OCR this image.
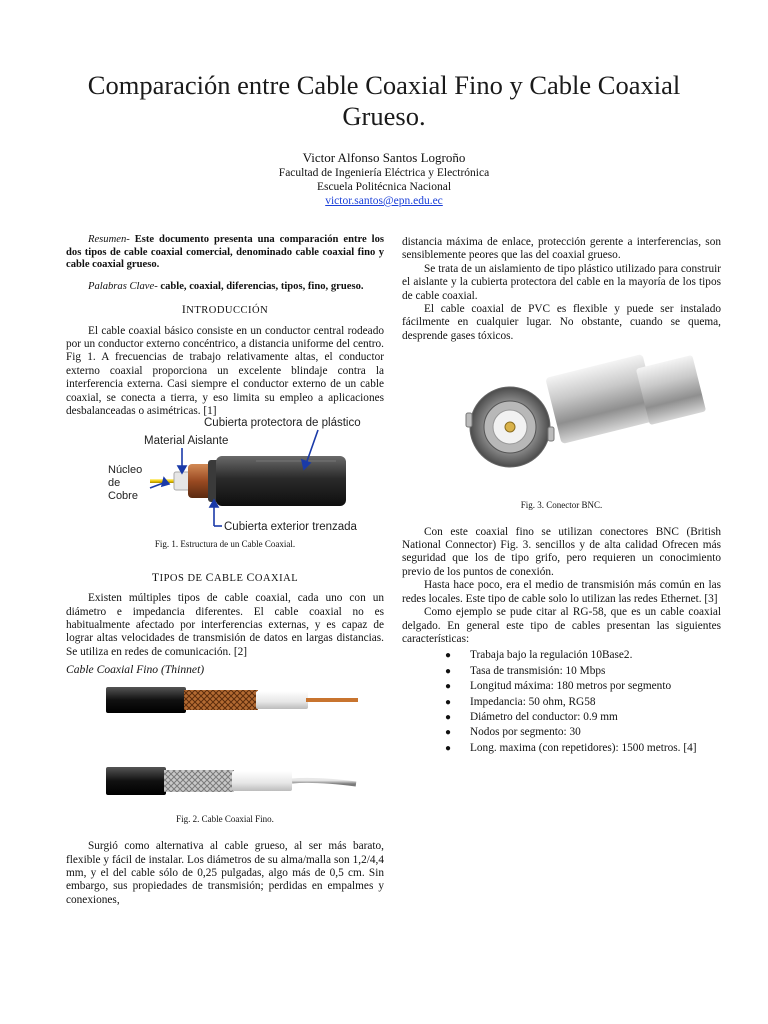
Comparación entre Cable Coaxial Fino y Cable Coaxial Grueso.
Victor Alfonso Santos Logroño
Facultad de Ingeniería Eléctrica y Electrónica
Escuela Politécnica Nacional
victor.santos@epn.edu.ec

Resumen- Este documento presenta una comparación entre los dos tipos de cable coaxial comercial, denominado cable coaxial fino y cable coaxial grueso.

Palabras Clave- cable, coaxial, diferencias, tipos, fino, grueso.

INTRODUCCIÓN

El cable coaxial básico consiste en un conductor central rodeado por un conductor externo concéntrico, a distancia uniforme del centro. Fig 1. A frecuencias de trabajo relativamente altas, el conductor externo coaxial proporciona un excelente blindaje contra la interferencia externa. Casi siempre el conductor externo de un cable coaxial, se conecta a tierra, y eso limita su empleo a aplicaciones desbalanceadas o asimétricas. [1]

Cubierta protectora de plástico
Material Aislante
Núcleo
de
Cobre
Cubierta exterior trenzada
Fig. 1. Estructura de un Cable Coaxial.
TIPOS DE CABLE COAXIAL

Existen múltiples tipos de cable coaxial, cada uno con un diámetro e impedancia diferentes. El cable coaxial no es habitualmente afectado por interferencias externas, y es capaz de lograr altas velocidades de transmisión de datos en largas distancias. Se utiliza en redes de comunicación. [2]

Cable Coaxial Fino (Thinnet)
Fig. 2. Cable Coaxial Fino.

Surgió como alternativa al cable grueso, al ser más barato, flexible y fácil de instalar. Los diámetros de su alma/malla son 1,2/4,4 mm, y el del cable sólo de 0,25 pulgadas, algo más de 0,5 cm. Sin embargo, sus propiedades de transmisión; perdidas en empalmes y conexiones,

distancia máxima de enlace, protección gerente a interferencias, son sensiblemente peores que las del coaxial grueso.

Se trata de un aislamiento de tipo plástico utilizado para construir el aislante y la cubierta protectora del cable en la mayoría de los tipos de cable coaxial.

El cable coaxial de PVC es flexible y puede ser instalado fácilmente en cualquier lugar. No obstante, cuando se quema, desprende gases tóxicos.

Fig. 3. Conector BNC.

Con este coaxial fino se utilizan conectores BNC (British National Connector) Fig. 3. sencillos y de alta calidad Ofrecen más seguridad que los de tipo grifo, pero requieren un conocimiento previo de los puntos de conexión.

Hasta hace poco, era el medio de transmisión más común en las redes locales. Este tipo de cable solo lo utilizan las redes Ethernet. [3]

Como ejemplo se pude citar al RG-58, que es un cable coaxial delgado. En general este tipo de cables presentan las siguientes características:

● Trabaja bajo la regulación 10Base2.
● Tasa de transmisión: 10 Mbps
● Longitud máxima: 180 metros por segmento
● Impedancia: 50 ohm, RG58
● Diámetro del conductor: 0.9 mm
● Nodos por segmento: 30
● Long. maxima (con repetidores): 1500 metros. [4]
